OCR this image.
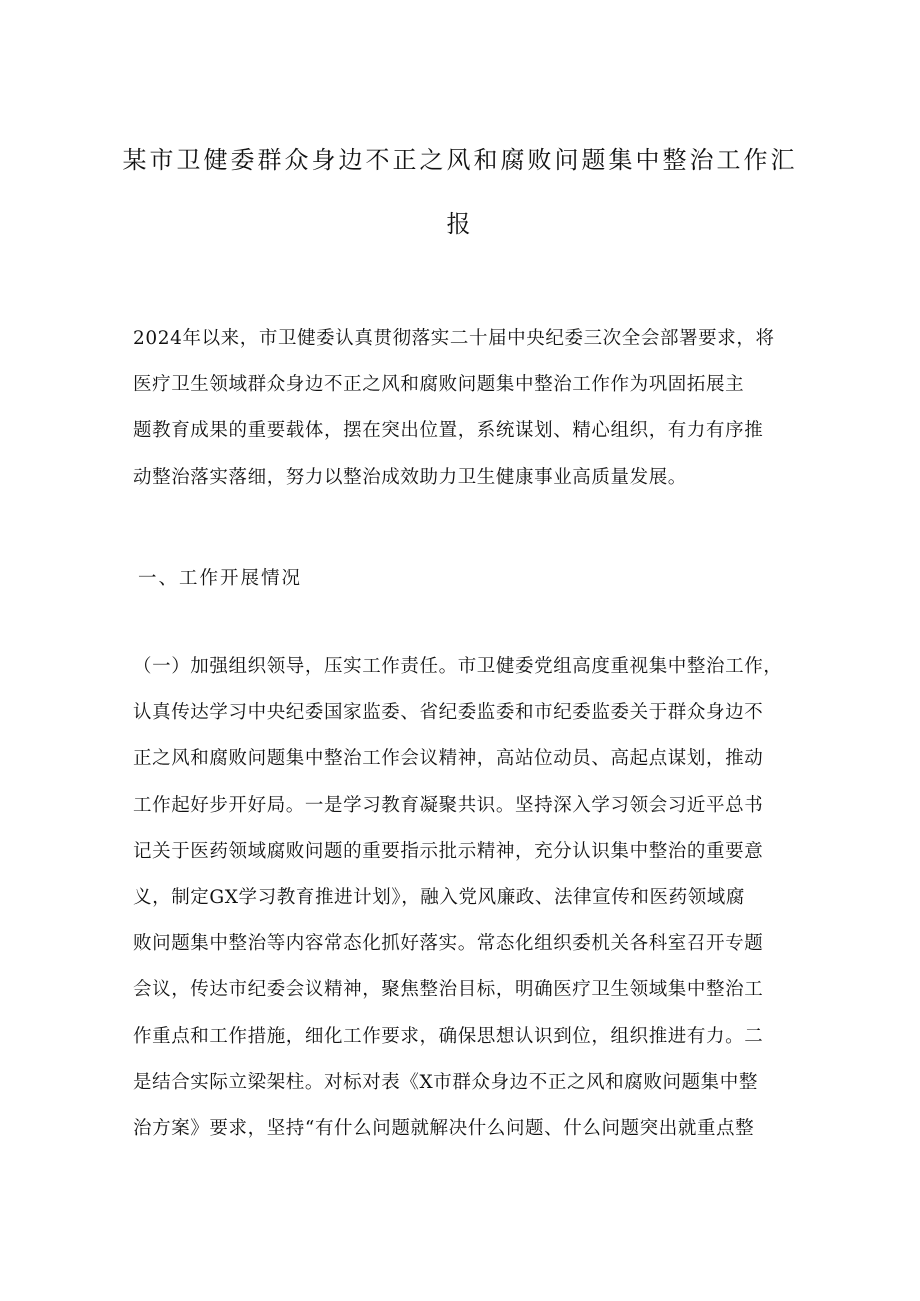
某市卫健委群众身边不正之风和腐败问题集中整治工作汇
报

2024年以来，市卫健委认真贯彻落实二十届中央纪委三次全会部署要求，将
医疗卫生领域群众身边不正之风和腐败问题集中整治工作作为巩固拓展主
题教育成果的重要载体，摆在突出位置，系统谋划、精心组织，有力有序推
动整治落实落细，努力以整治成效助力卫生健康事业高质量发展。

一、工作开展情况

（一）加强组织领导，压实工作责任。市卫健委党组高度重视集中整治工作，
认真传达学习中央纪委国家监委、省纪委监委和市纪委监委关于群众身边不
正之风和腐败问题集中整治工作会议精神，高站位动员、高起点谋划，推动
工作起好步开好局。一是学习教育凝聚共识。坚持深入学习领会习近平总书
记关于医药领域腐败问题的重要指示批示精神，充分认识集中整治的重要意
义，制定GX学习教育推进计划》，融入党风廉政、法律宣传和医药领域腐
败问题集中整治等内容常态化抓好落实。常态化组织委机关各科室召开专题
会议，传达市纪委会议精神，聚焦整治目标，明确医疗卫生领域集中整治工
作重点和工作措施，细化工作要求，确保思想认识到位，组织推进有力。二
是结合实际立梁架柱。对标对表《X市群众身边不正之风和腐败问题集中整
治方案》要求，坚持“有什么问题就解决什么问题、什么问题突出就重点整
